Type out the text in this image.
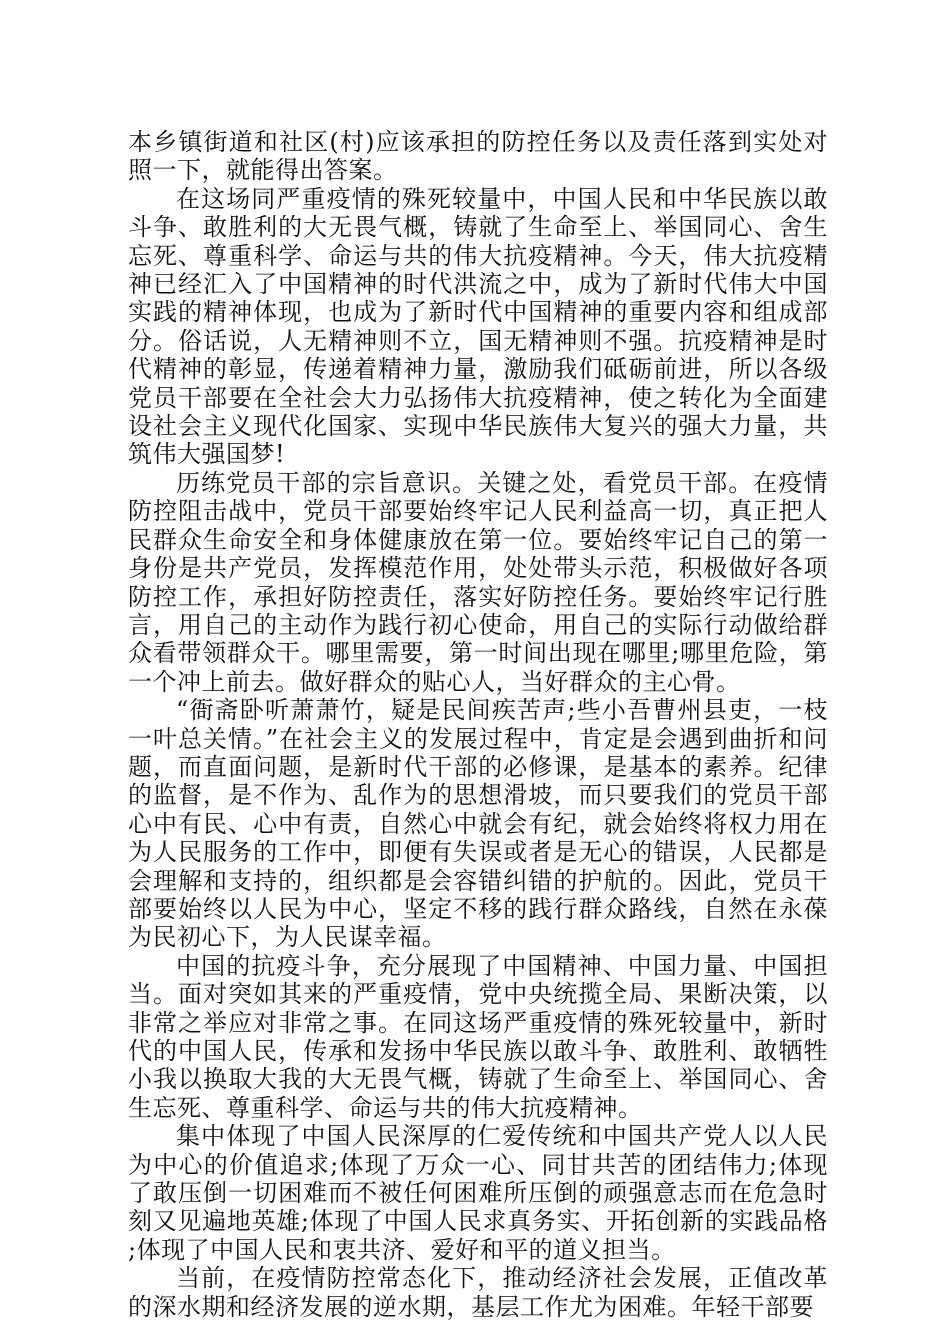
本乡镇街道和社区(村)应该承担的防控任务以及责任落到实处对照一下，就能得出答案。

在这场同严重疫情的殊死较量中，中国人民和中华民族以敢斗争、敢胜利的大无畏气概，铸就了生命至上、举国同心、舍生忘死、尊重科学、命运与共的伟大抗疫精神。今天，伟大抗疫精神已经汇入了中国精神的时代洪流之中，成为了新时代伟大中国实践的精神体现，也成为了新时代中国精神的重要内容和组成部分。俗话说，人无精神则不立，国无精神则不强。抗疫精神是时代精神的彰显，传递着精神力量，激励我们砥砺前进，所以各级党员干部要在全社会大力弘扬伟大抗疫精神，使之转化为全面建设社会主义现代化国家、实现中华民族伟大复兴的强大力量，共筑伟大强国梦!

历练党员干部的宗旨意识。关键之处，看党员干部。在疫情防控阻击战中，党员干部要始终牢记人民利益高一切，真正把人民群众生命安全和身体健康放在第一位。要始终牢记自己的第一身份是共产党员，发挥模范作用，处处带头示范，积极做好各项防控工作，承担好防控责任，落实好防控任务。要始终牢记行胜言，用自己的主动作为践行初心使命，用自己的实际行动做给群众看带领群众干。哪里需要，第一时间出现在哪里;哪里危险，第一个冲上前去。做好群众的贴心人，当好群众的主心骨。

“衙斋卧听萧萧竹，疑是民间疾苦声;些小吾曹州县吏，一枝一叶总关情。”在社会主义的发展过程中，肯定是会遇到曲折和问题，而直面问题，是新时代干部的必修课，是基本的素养。纪律的监督，是不作为、乱作为的思想滑坡，而只要我们的党员干部心中有民、心中有责，自然心中就会有纪，就会始终将权力用在为人民服务的工作中，即便有失误或者是无心的错误，人民都是会理解和支持的，组织都是会容错纠错的护航的。因此，党员干部要始终以人民为中心，坚定不移的践行群众路线，自然在永葆为民初心下，为人民谋幸福。

中国的抗疫斗争，充分展现了中国精神、中国力量、中国担当。面对突如其来的严重疫情，党中央统揽全局、果断决策，以非常之举应对非常之事。在同这场严重疫情的殊死较量中，新时代的中国人民，传承和发扬中华民族以敢斗争、敢胜利、敢牺牲小我以换取大我的大无畏气概，铸就了生命至上、举国同心、舍生忘死、尊重科学、命运与共的伟大抗疫精神。

集中体现了中国人民深厚的仁爱传统和中国共产党人以人民为中心的价值追求;体现了万众一心、同甘共苦的团结伟力;体现了敢压倒一切困难而不被任何困难所压倒的顽强意志而在危急时刻又见遍地英雄;体现了中国人民求真务实、开拓创新的实践品格;体现了中国人民和衷共济、爱好和平的道义担当。

当前，在疫情防控常态化下，推动经济社会发展，正值改革的深水期和经济发展的逆水期，基层工作尤为困难。年轻干部要
